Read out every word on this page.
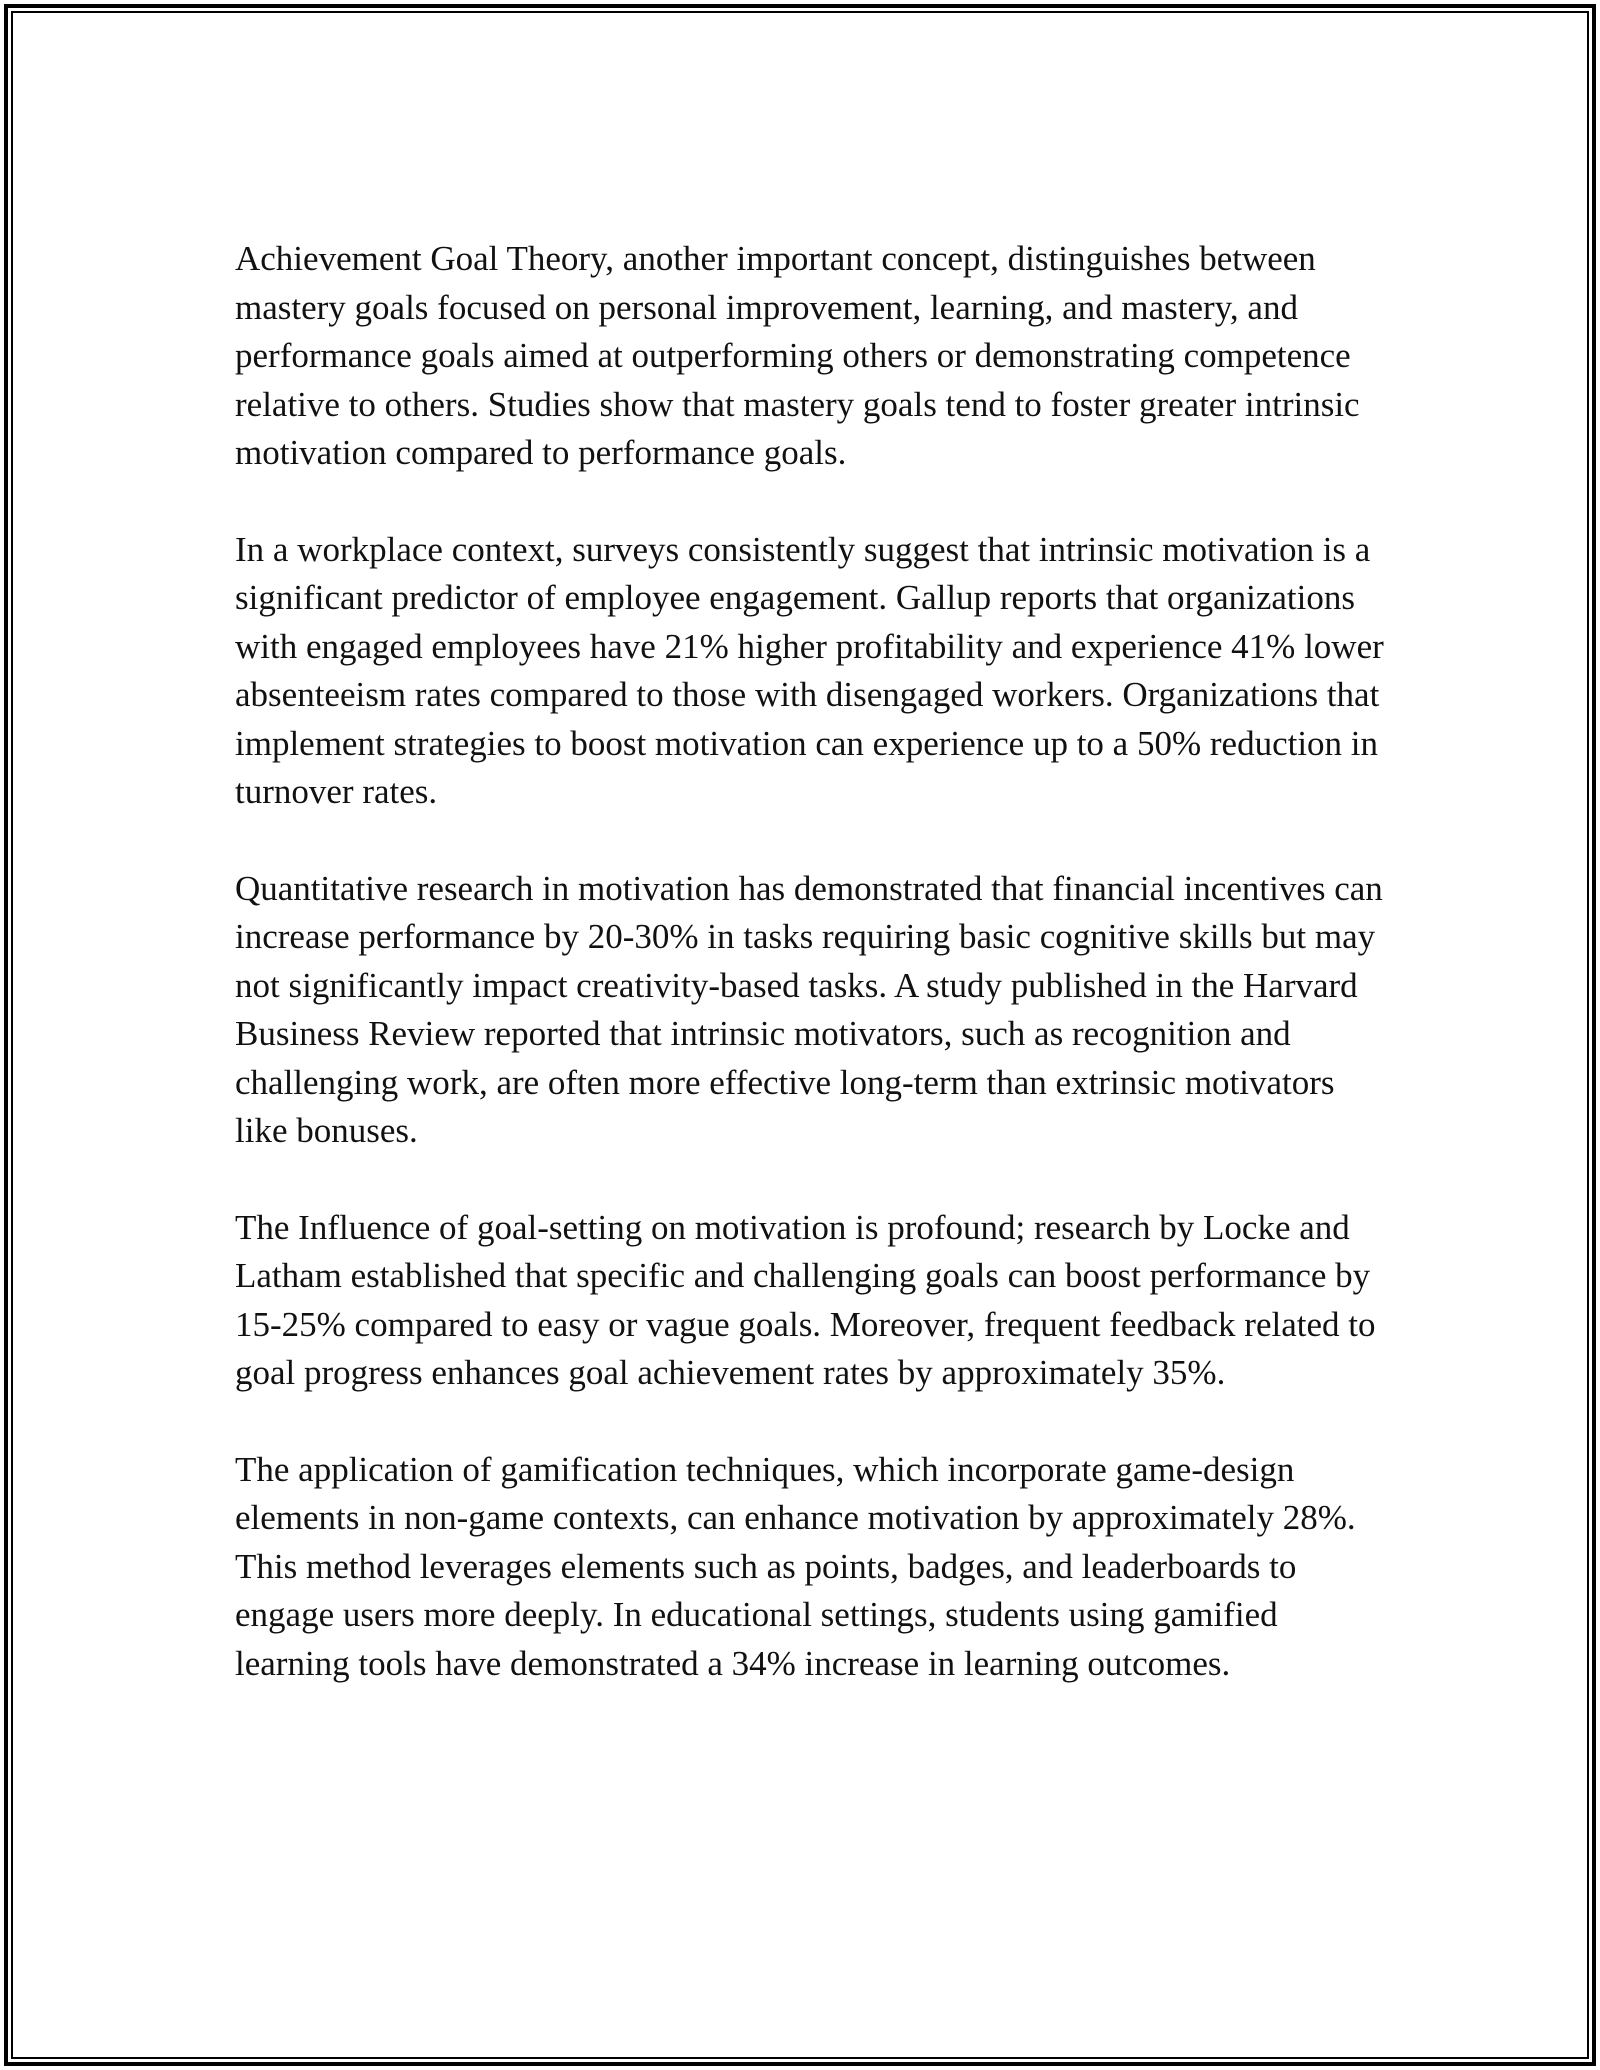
Achievement Goal Theory, another important concept, distinguishes between mastery goals focused on personal improvement, learning, and mastery, and performance goals aimed at outperforming others or demonstrating competence relative to others. Studies show that mastery goals tend to foster greater intrinsic motivation compared to performance goals.

In a workplace context, surveys consistently suggest that intrinsic motivation is a significant predictor of employee engagement. Gallup reports that organizations with engaged employees have 21% higher profitability and experience 41% lower absenteeism rates compared to those with disengaged workers. Organizations that implement strategies to boost motivation can experience up to a 50% reduction in turnover rates.

Quantitative research in motivation has demonstrated that financial incentives can increase performance by 20-30% in tasks requiring basic cognitive skills but may not significantly impact creativity-based tasks. A study published in the Harvard Business Review reported that intrinsic motivators, such as recognition and challenging work, are often more effective long-term than extrinsic motivators like bonuses.

The Influence of goal-setting on motivation is profound; research by Locke and Latham established that specific and challenging goals can boost performance by 15-25% compared to easy or vague goals. Moreover, frequent feedback related to goal progress enhances goal achievement rates by approximately 35%.

The application of gamification techniques, which incorporate game-design elements in non-game contexts, can enhance motivation by approximately 28%. This method leverages elements such as points, badges, and leaderboards to engage users more deeply. In educational settings, students using gamified learning tools have demonstrated a 34% increase in learning outcomes.
